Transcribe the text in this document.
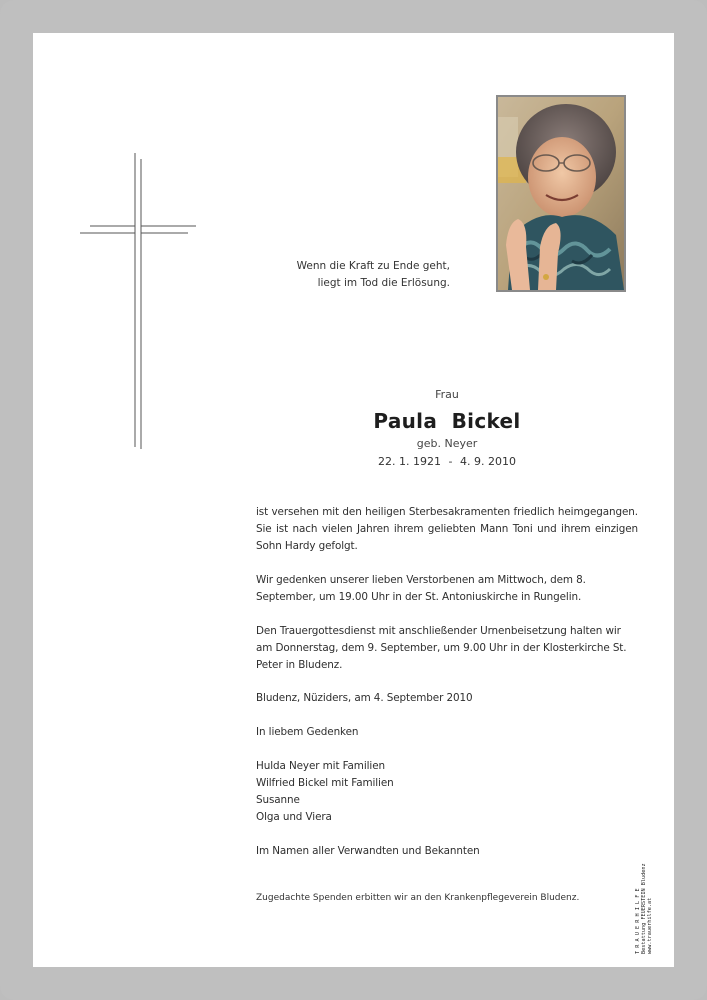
Wenn die Kraft zu Ende geht,
liegt im Tod die Erlösung.
Frau
Paula  Bickel
geb. Neyer
22. 1. 1921 - 4. 9. 2010
ist versehen mit den heiligen Sterbesakramenten friedlich heimgegangen. Sie ist nach vielen Jahren ihrem geliebten Mann Toni und ihrem einzigen Sohn Hardy gefolgt.
Wir gedenken unserer lieben Verstorbenen am Mittwoch, dem 8. September, um 19.00 Uhr in der St. Antoniuskirche in Rungelin.
Den Trauergottesdienst mit anschließender Urnenbeisetzung halten wir am Donnerstag, dem 9. September, um 9.00 Uhr in der Klosterkirche St. Peter in Bludenz.
Bludenz, Nüziders, am 4. September 2010
In liebem Gedenken
Hulda Neyer mit Familien
Wilfried Bickel mit Familien
Susanne
Olga und Viera
Im Namen aller Verwandten und Bekannten
Zugedachte Spenden erbitten wir an den Krankenpflegeverein Bludenz.	T R A U E R H I L F E Bestattung FEUERSTEIN Bludenz www.trauerhilfe.at
